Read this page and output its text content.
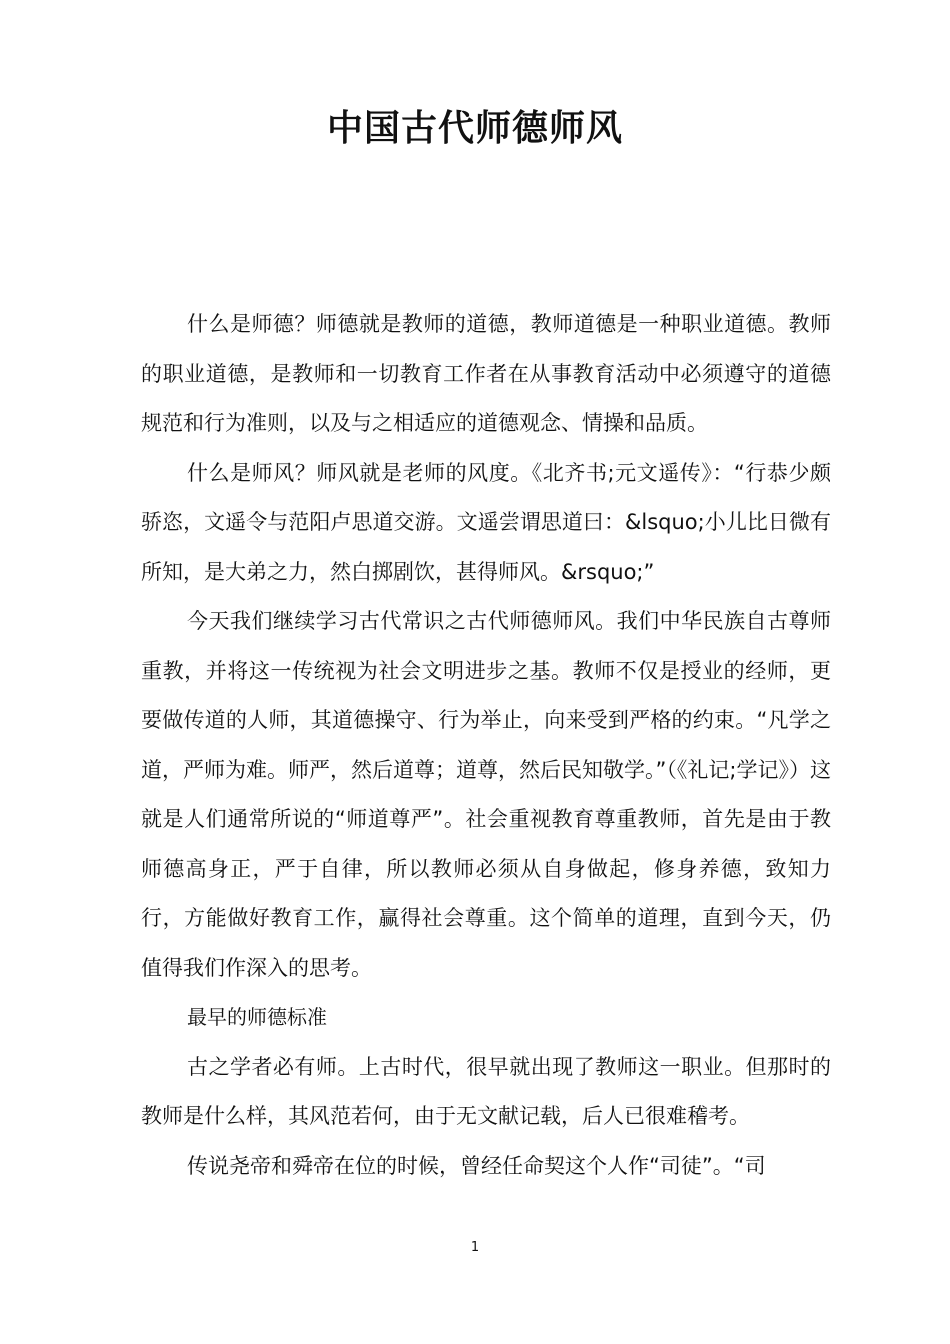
中国古代师德师风

什么是师德？师德就是教师的道德，教师道德是一种职业道德。教师的职业道德，是教师和一切教育工作者在从事教育活动中必须遵守的道德规范和行为准则，以及与之相适应的道德观念、情操和品质。

什么是师风？师风就是老师的风度。《北齐书;元文遥传》：“行恭少颇骄恣，文遥令与范阳卢思道交游。文遥尝谓思道曰：&lsquo;小儿比日微有所知，是大弟之力，然白掷剧饮，甚得师风。&rsquo;”

今天我们继续学习古代常识之古代师德师风。我们中华民族自古尊师重教，并将这一传统视为社会文明进步之基。教师不仅是授业的经师，更要做传道的人师，其道德操守、行为举止，向来受到严格的约束。“凡学之道，严师为难。师严，然后道尊；道尊，然后民知敬学。”（《礼记;学记》）这就是人们通常所说的“师道尊严”。社会重视教育尊重教师，首先是由于教师德高身正，严于自律，所以教师必须从自身做起，修身养德，致知力行，方能做好教育工作，赢得社会尊重。这个简单的道理，直到今天，仍值得我们作深入的思考。

最早的师德标准

古之学者必有师。上古时代，很早就出现了教师这一职业。但那时的教师是什么样，其风范若何，由于无文献记载，后人已很难稽考。

传说尧帝和舜帝在位的时候，曾经任命契这个人作“司徒”。“司

1
